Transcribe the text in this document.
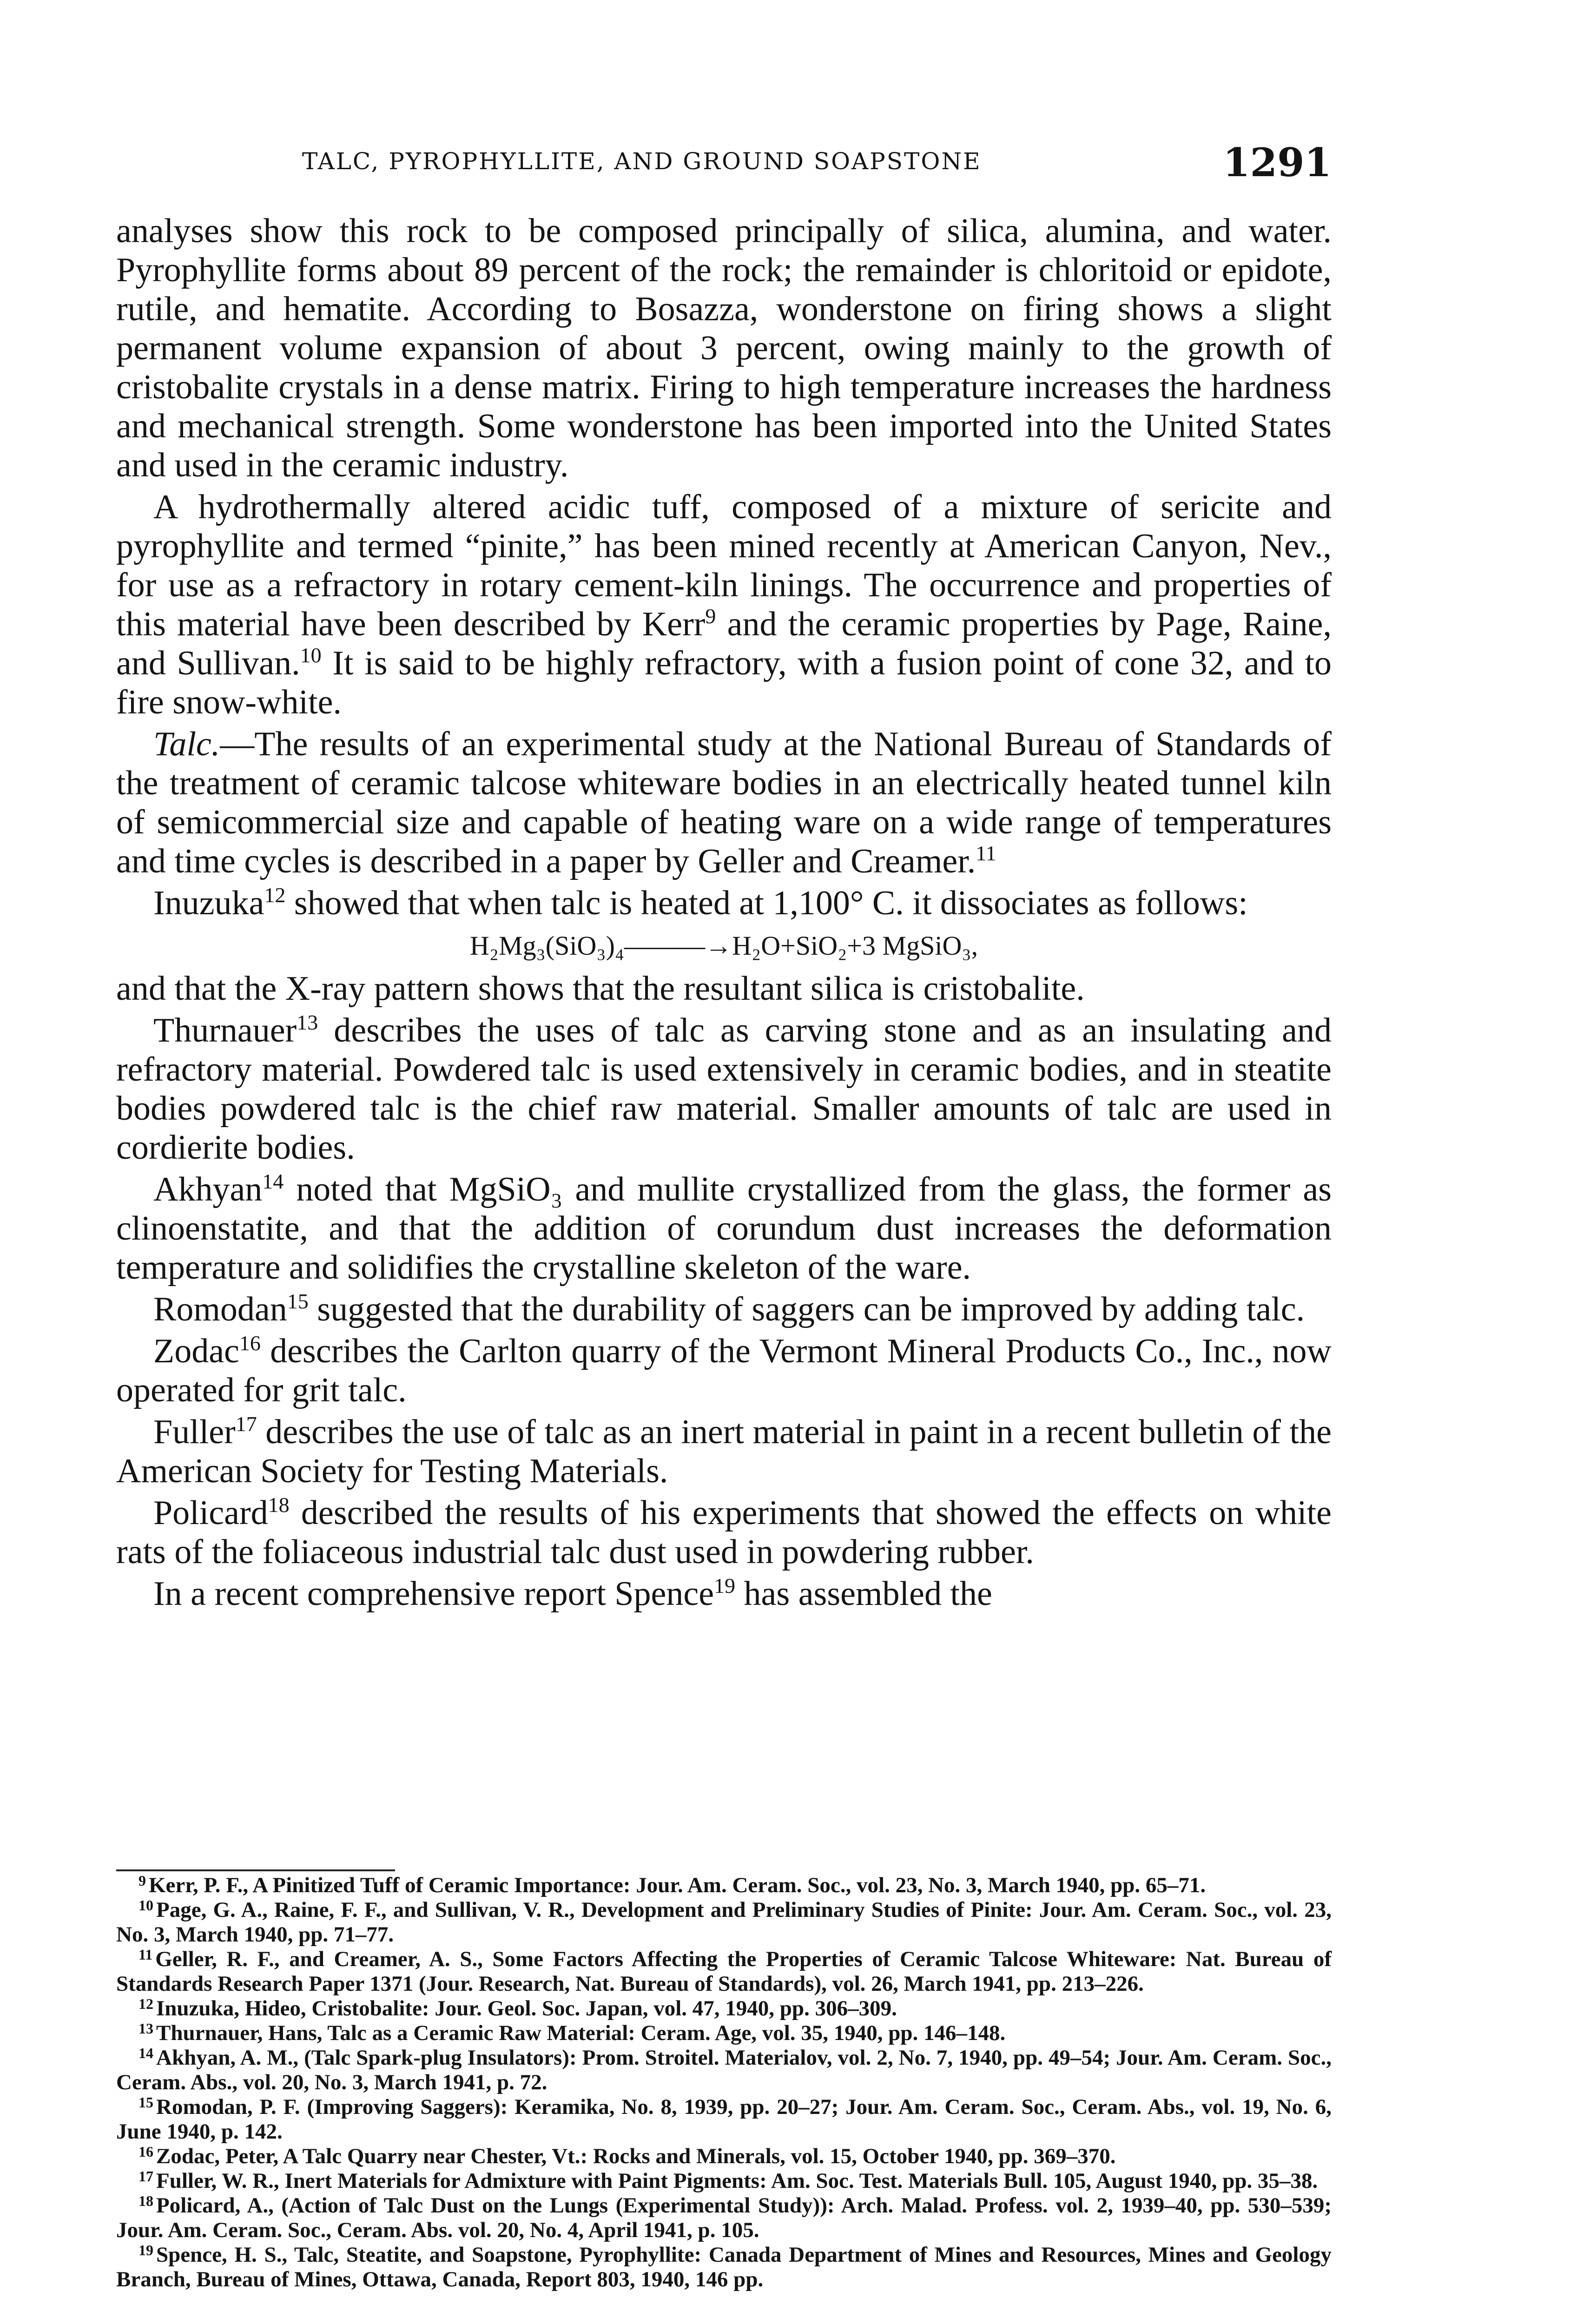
TALC, PYROPHYLLITE, AND GROUND SOAPSTONE	1291

analyses show this rock to be composed principally of silica, alumina, and water. Pyrophyllite forms about 89 percent of the rock; the remainder is chloritoid or epidote, rutile, and hematite. According to Bosazza, wonderstone on firing shows a slight permanent volume expansion of about 3 percent, owing mainly to the growth of cristobalite crystals in a dense matrix. Firing to high temperature increases the hardness and mechanical strength. Some wonderstone has been imported into the United States and used in the ceramic industry.

A hydrothermally altered acidic tuff, composed of a mixture of sericite and pyrophyllite and termed “pinite,” has been mined recently at American Canyon, Nev., for use as a refractory in rotary cement-kiln linings. The occurrence and properties of this material have been described by Kerr$^9$ and the ceramic properties by Page, Raine, and Sullivan.$^{10}$ It is said to be highly refractory, with a fusion point of cone 32, and to fire snow-white.

Talc.—The results of an experimental study at the National Bureau of Standards of the treatment of ceramic talcose whiteware bodies in an electrically heated tunnel kiln of semicommercial size and capable of heating ware on a wide range of temperatures and time cycles is described in a paper by Geller and Creamer.$^{11}$

Inuzuka$^{12}$ showed that when talc is heated at 1,100° C. it dissociates as follows:

H₂Mg₃(SiO₃)₄———→H₂O+SiO₂+3 MgSiO₃,

and that the X-ray pattern shows that the resultant silica is cristobalite.

Thurnauer$^{13}$ describes the uses of talc as carving stone and as an insulating and refractory material. Powdered talc is used extensively in ceramic bodies, and in steatite bodies powdered talc is the chief raw material. Smaller amounts of talc are used in cordierite bodies.

Akhyan$^{14}$ noted that MgSiO₃ and mullite crystallized from the glass, the former as clinoenstatite, and that the addition of corundum dust increases the deformation temperature and solidifies the crystalline skeleton of the ware.

Romodan$^{15}$ suggested that the durability of saggers can be improved by adding talc.

Zodac$^{16}$ describes the Carlton quarry of the Vermont Mineral Products Co., Inc., now operated for grit talc.

Fuller$^{17}$ describes the use of talc as an inert material in paint in a recent bulletin of the American Society for Testing Materials.

Policard$^{18}$ described the results of his experiments that showed the effects on white rats of the foliaceous industrial talc dust used in powdering rubber.

In a recent comprehensive report Spence$^{19}$ has assembled the

$^9$ Kerr, P. F., A Pinitized Tuff of Ceramic Importance: Jour. Am. Ceram. Soc., vol. 23, No. 3, March 1940, pp. 65–71.

$^{10}$ Page, G. A., Raine, F. F., and Sullivan, V. R., Development and Preliminary Studies of Pinite: Jour. Am. Ceram. Soc., vol. 23, No. 3, March 1940, pp. 71–77.

$^{11}$ Geller, R. F., and Creamer, A. S., Some Factors Affecting the Properties of Ceramic Talcose Whiteware: Nat. Bureau of Standards Research Paper 1371 (Jour. Research, Nat. Bureau of Standards), vol. 26, March 1941, pp. 213–226.

$^{12}$ Inuzuka, Hideo, Cristobalite: Jour. Geol. Soc. Japan, vol. 47, 1940, pp. 306–309.

$^{13}$ Thurnauer, Hans, Talc as a Ceramic Raw Material: Ceram. Age, vol. 35, 1940, pp. 146–148.

$^{14}$ Akhyan, A. M., (Talc Spark-plug Insulators): Prom. Stroitel. Materialov, vol. 2, No. 7, 1940, pp. 49–54; Jour. Am. Ceram. Soc., Ceram. Abs., vol. 20, No. 3, March 1941, p. 72.

$^{15}$ Romodan, P. F. (Improving Saggers): Keramika, No. 8, 1939, pp. 20–27; Jour. Am. Ceram. Soc., Ceram. Abs., vol. 19, No. 6, June 1940, p. 142.

$^{16}$ Zodac, Peter, A Talc Quarry near Chester, Vt.: Rocks and Minerals, vol. 15, October 1940, pp. 369–370.

$^{17}$ Fuller, W. R., Inert Materials for Admixture with Paint Pigments: Am. Soc. Test. Materials Bull. 105, August 1940, pp. 35–38.

$^{18}$ Policard, A., (Action of Talc Dust on the Lungs (Experimental Study)): Arch. Malad. Profess. vol. 2, 1939–40, pp. 530–539; Jour. Am. Ceram. Soc., Ceram. Abs. vol. 20, No. 4, April 1941, p. 105.

$^{19}$ Spence, H. S., Talc, Steatite, and Soapstone, Pyrophyllite: Canada Department of Mines and Resources, Mines and Geology Branch, Bureau of Mines, Ottawa, Canada, Report 803, 1940, 146 pp.
